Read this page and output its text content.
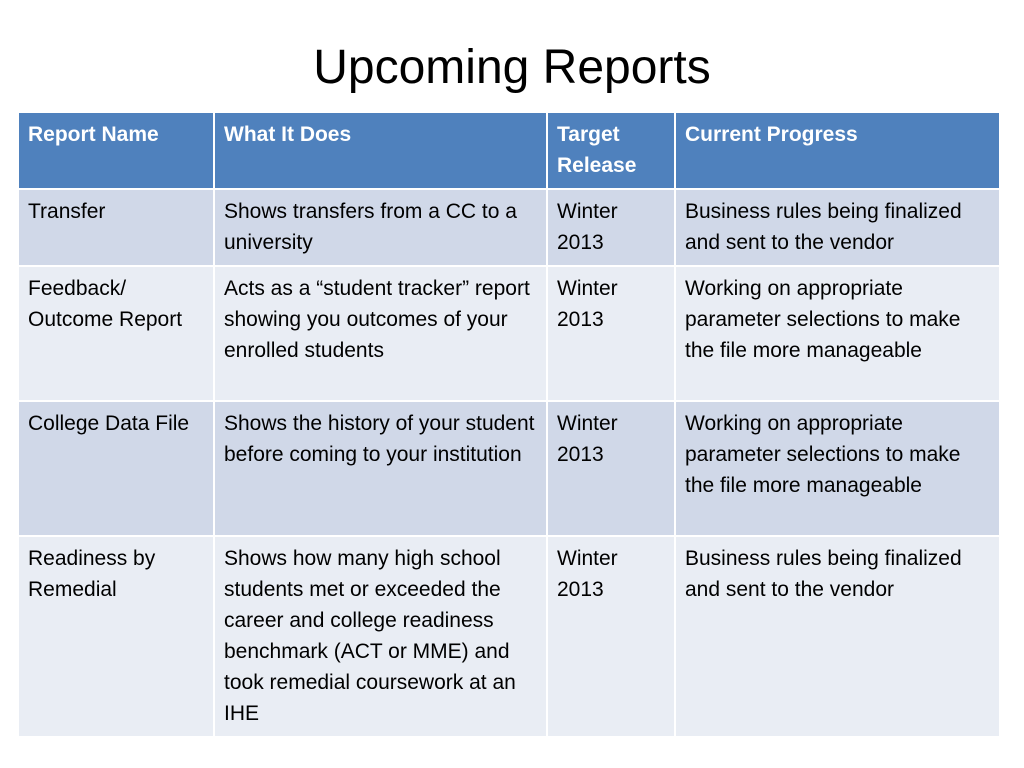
Upcoming Reports
Report Name	What It Does	Target Release	Current Progress
Transfer	Shows transfers from a CC to a university	Winter 2013	Business rules being finalized and sent to the vendor
Feedback/ Outcome Report	Acts as a “student tracker” report showing you outcomes of your enrolled students	Winter 2013	Working on appropriate parameter selections to make the file more manageable
College Data File	Shows the history of your student before coming to your institution	Winter 2013	Working on appropriate parameter selections to make the file more manageable
Readiness by Remedial	Shows how many high school students met or exceeded the career and college readiness benchmark (ACT or MME) and took remedial coursework at an IHE	Winter 2013	Business rules being finalized and sent to the vendor
